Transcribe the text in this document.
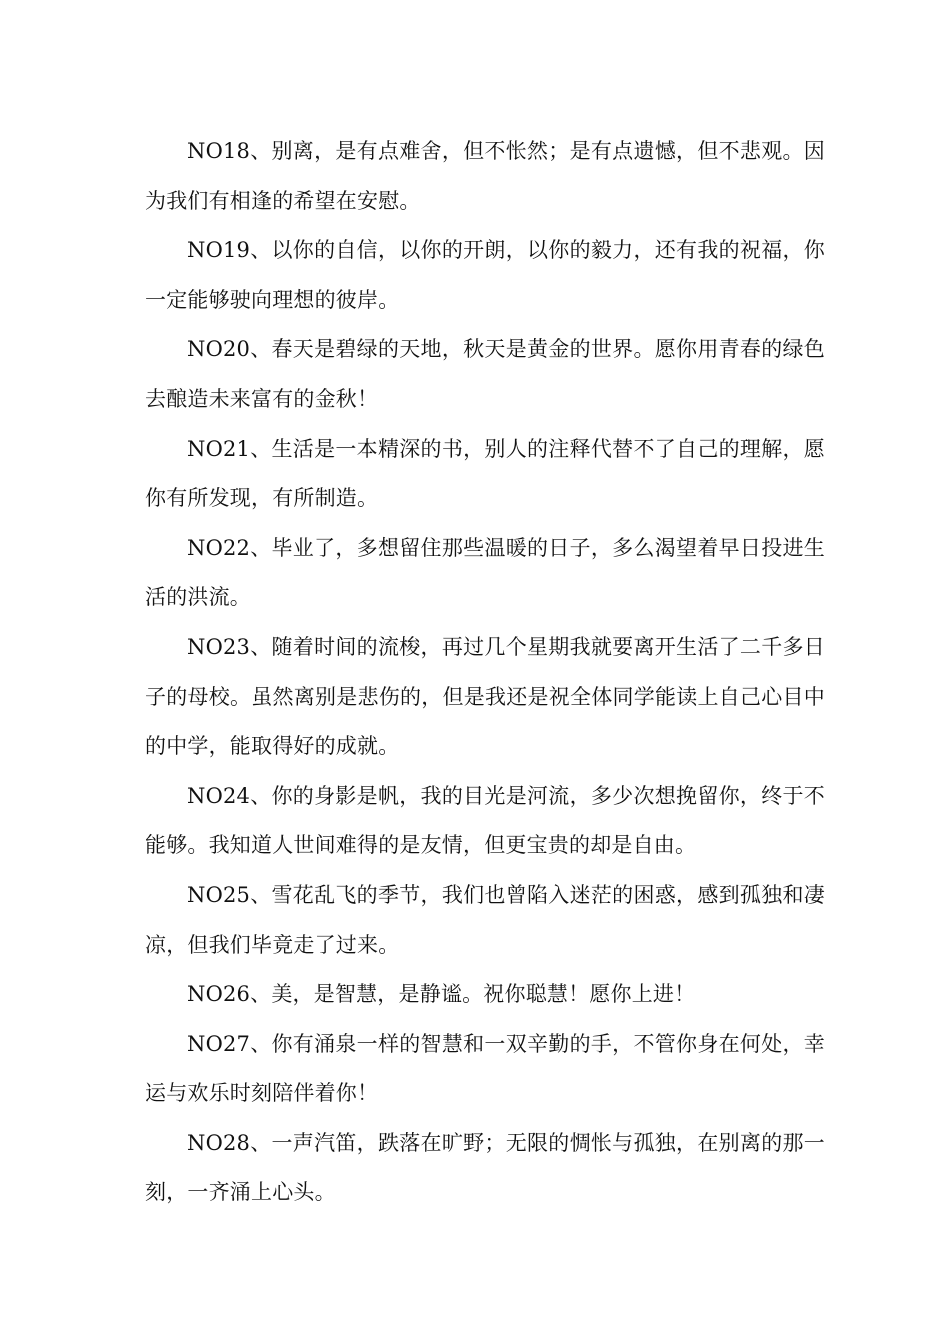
NO18、别离，是有点难舍，但不怅然；是有点遗憾，但不悲观。因为我们有相逢的希望在安慰。

NO19、以你的自信，以你的开朗，以你的毅力，还有我的祝福，你一定能够驶向理想的彼岸。

NO20、春天是碧绿的天地，秋天是黄金的世界。愿你用青春的绿色去酿造未来富有的金秋！

NO21、生活是一本精深的书，别人的注释代替不了自己的理解，愿你有所发现，有所制造。

NO22、毕业了，多想留住那些温暖的日子，多么渴望着早日投进生活的洪流。

NO23、随着时间的流梭，再过几个星期我就要离开生活了二千多日子的母校。虽然离别是悲伤的，但是我还是祝全体同学能读上自己心目中的中学，能取得好的成就。

NO24、你的身影是帆，我的目光是河流，多少次想挽留你，终于不能够。我知道人世间难得的是友情，但更宝贵的却是自由。

NO25、雪花乱飞的季节，我们也曾陷入迷茫的困惑，感到孤独和凄凉，但我们毕竟走了过来。

NO26、美，是智慧，是静谧。祝你聪慧！愿你上进！

NO27、你有涌泉一样的智慧和一双辛勤的手，不管你身在何处，幸运与欢乐时刻陪伴着你！

NO28、一声汽笛，跌落在旷野；无限的惆怅与孤独，在别离的那一刻，一齐涌上心头。
